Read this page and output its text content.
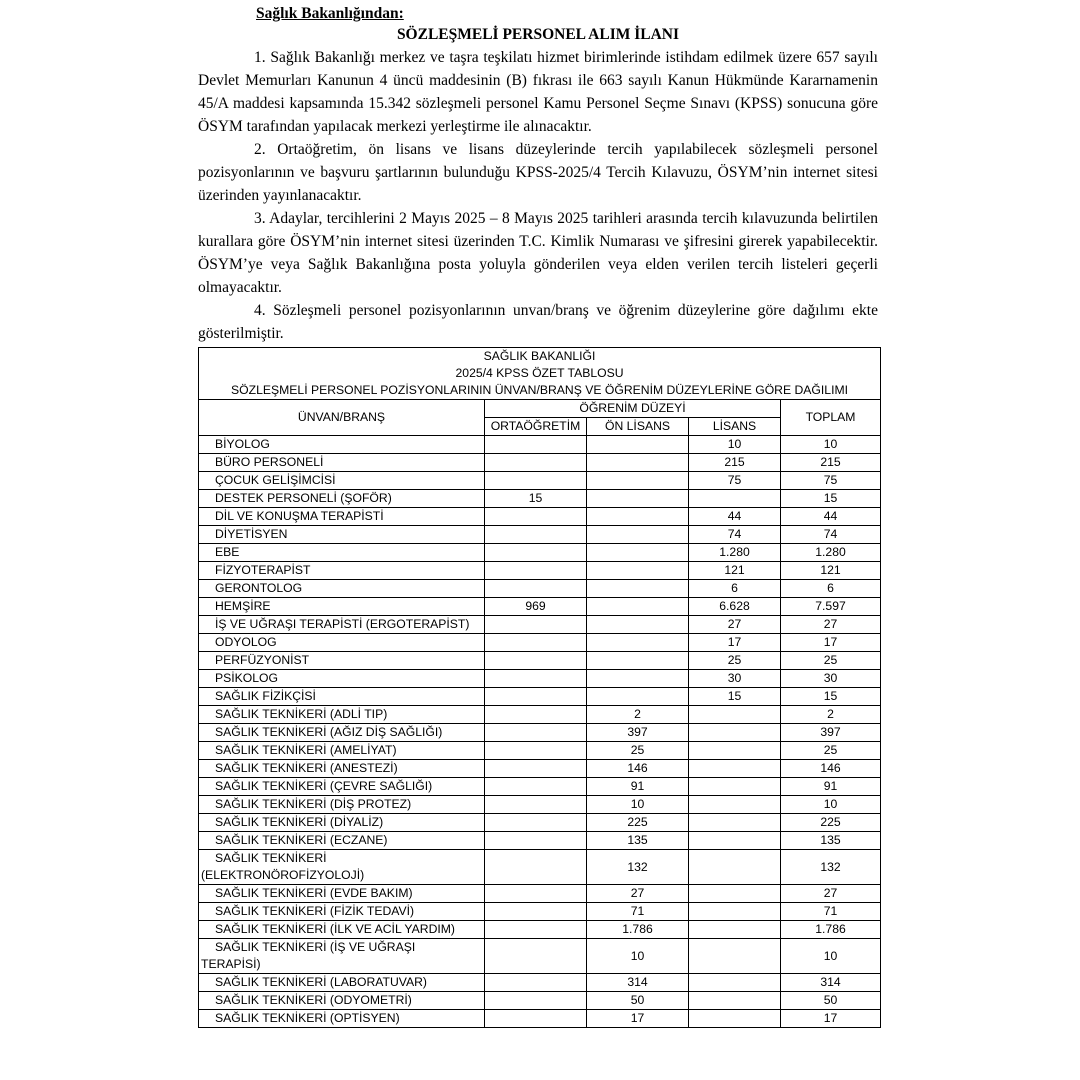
Sağlık Bakanlığından:
SÖZLEŞMELİ PERSONEL ALIM İLANI

1. Sağlık Bakanlığı merkez ve taşra teşkilatı hizmet birimlerinde istihdam edilmek üzere 657 sayılı Devlet Memurları Kanunun 4 üncü maddesinin (B) fıkrası ile 663 sayılı Kanun Hükmünde Kararnamenin 45/A maddesi kapsamında 15.342 sözleşmeli personel Kamu Personel Seçme Sınavı (KPSS) sonucuna göre ÖSYM tarafından yapılacak merkezi yerleştirme ile alınacaktır.

2. Ortaöğretim, ön lisans ve lisans düzeylerinde tercih yapılabilecek sözleşmeli personel pozisyonlarının ve başvuru şartlarının bulunduğu KPSS-2025/4 Tercih Kılavuzu, ÖSYM’nin internet sitesi üzerinden yayınlanacaktır.

3. Adaylar, tercihlerini 2 Mayıs 2025 – 8 Mayıs 2025 tarihleri arasında tercih kılavuzunda belirtilen kurallara göre ÖSYM’nin internet sitesi üzerinden T.C. Kimlik Numarası ve şifresini girerek yapabilecektir. ÖSYM’ye veya Sağlık Bakanlığına posta yoluyla gönderilen veya elden verilen tercih listeleri geçerli olmayacaktır.

4. Sözleşmeli personel pozisyonlarının unvan/branş ve öğrenim düzeylerine göre dağılımı ekte gösterilmiştir.

SAĞLIK BAKANLIĞI				
2025/4 KPSS ÖZET TABLOSU				
SÖZLEŞMELİ PERSONEL POZİSYONLARININ ÜNVAN/BRANŞ VE ÖĞRENİM DÜZEYLERİNE GÖRE DAĞILIMI				
ÜNVAN/BRANŞ	ÖĞRENİM DÜZEYİ			TOPLAM
	ORTAÖĞRETİM	ÖN LİSANS	LİSANS	
BİYOLOG			10	10
BÜRO PERSONELİ			215	215
ÇOCUK GELİŞİMCİSİ			75	75
DESTEK PERSONELİ (ŞOFÖR)	15			15
DİL VE KONUŞMA TERAPİSTİ			44	44
DİYETİSYEN			74	74
EBE			1.280	1.280
FİZYOTERAPİST			121	121
GERONTOLOG			6	6
HEMŞİRE	969		6.628	7.597
İŞ VE UĞRAŞI TERAPİSTİ (ERGOTERAPİST)			27	27
ODYOLOG			17	17
PERFÜZYONİST			25	25
PSİKOLOG			30	30
SAĞLIK FİZİKÇİSİ			15	15
SAĞLIK TEKNİKERİ (ADLİ TIP)		2		2
SAĞLIK TEKNİKERİ (AĞIZ DİŞ SAĞLIĞI)		397		397
SAĞLIK TEKNİKERİ (AMELİYAT)		25		25
SAĞLIK TEKNİKERİ (ANESTEZİ)		146		146
SAĞLIK TEKNİKERİ (ÇEVRE SAĞLIĞI)		91		91
SAĞLIK TEKNİKERİ (DİŞ PROTEZ)		10		10
SAĞLIK TEKNİKERİ (DİYALİZ)		225		225
SAĞLIK TEKNİKERİ (ECZANE)		135		135
SAĞLIK TEKNİKERİ
(ELEKTRONÖROFİZYOLOJİ)		132		132
SAĞLIK TEKNİKERİ (EVDE BAKIM)		27		27
SAĞLIK TEKNİKERİ (FİZİK TEDAVİ)		71		71
SAĞLIK TEKNİKERİ (İLK VE ACİL YARDIM)		1.786		1.786
SAĞLIK TEKNİKERİ (İŞ VE UĞRAŞI
TERAPİSİ)		10		10
SAĞLIK TEKNİKERİ (LABORATUVAR)		314		314
SAĞLIK TEKNİKERİ (ODYOMETRİ)		50		50
SAĞLIK TEKNİKERİ (OPTİSYEN)		17		17
